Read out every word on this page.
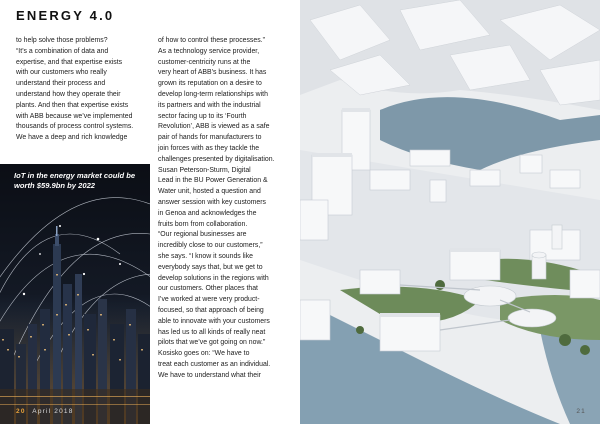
ENERGY 4.0

to help solve those problems?

“It’s a combination of data and

expertise, and that expertise exists

with our customers who really

understand their process and

understand how they operate their

plants. And then that expertise exists

with ABB because we’ve implemented

thousands of process control systems.

We have a deep and rich knowledge

of how to control these processes.”

As a technology service provider,

customer-centricity runs at the

very heart of ABB’s business. It has

grown its reputation on a desire to

develop long-term relationships with

its partners and with the industrial

sector facing up to its ‘Fourth

Revolution’, ABB is viewed as a safe

pair of hands for manufacturers to

join forces with as they tackle the

challenges presented by digitalisation.

Susan Peterson-Sturm, Digital

Lead in the BU Power Generation &

Water unit, hosted a question and

answer session with key customers

in Genoa and acknowledges the

fruits born from collaboration.

“Our regional businesses are

incredibly close to our customers,”

she says. “I know it sounds like

everybody says that, but we get to

develop solutions in the regions with

our customers. Other places that

I’ve worked at were very product-

focused, so that approach of being

able to innovate with your customers

has led us to all kinds of really neat

pilots that we’ve got going on now.”

Kosisko goes on: “We have to

treat each customer as an individual.

We have to understand what their

IoT in the energy market could be worth $59.9bn by 2022
20 April 2018	21
